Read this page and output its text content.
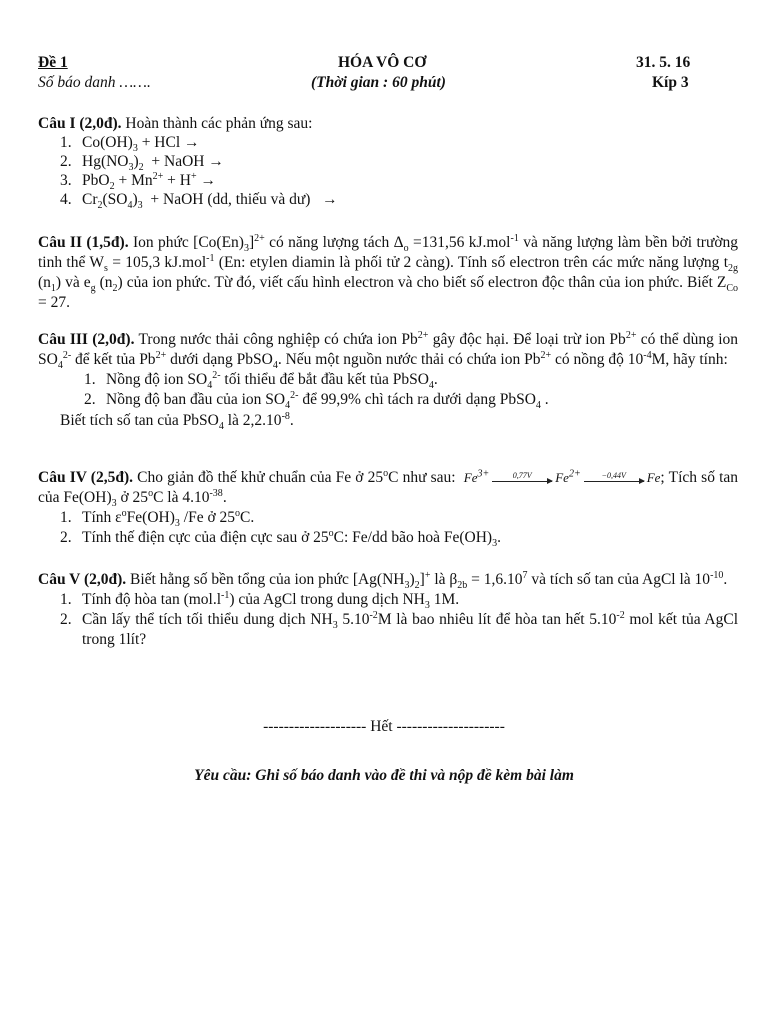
Đề 1
Số báo danh …….
HÓA VÔ CƠ
(Thời gian : 60 phút)
31. 5. 16
Kíp 3

Câu I (2,0đ). Hoàn thành các phản ứng sau:

1. $Co(OH)_3$ + HCl →
2. $Hg(NO_3)_2$  + NaOH →
3. $PbO_2 + Mn^{2+} + H^+$ →
4. $Cr_2(SO_4)_3$  + NaOH (dd, thiếu và dư)   →

Câu II (1,5đ). Ion phức $[Co(En)_3]^{2+}$ có năng lượng tách $\Delta_o =131,56$ kJ.mol$^{-1}$ và năng lượng làm bền bởi trường tinh thể $W_s = 105,3$ kJ.mol$^{-1}$ (En: etylen diamin là phối tử 2 càng). Tính số electron trên các mức năng lượng $t_{2g}$ $(n_1)$ và $e_g$ $(n_2)$ của ion phức. Từ đó, viết cấu hình electron và cho biết số electron độc thân của ion phức. Biết $Z_{Co} = 27$.

Câu III (2,0đ). Trong nước thải công nghiệp có chứa ion $Pb^{2+}$ gây độc hại. Để loại trừ ion $Pb^{2+}$ có thể dùng ion $SO_4^{2-}$ để kết tủa $Pb^{2+}$ dưới dạng PbSO$_4$. Nếu một nguồn nước thải có chứa ion $Pb^{2+}$ có nồng độ $10^{-4}M$, hãy tính:

1. Nồng độ ion $SO_4^{2-}$ tối thiểu để bắt đầu kết tủa PbSO$_4$.
2. Nồng độ ban đầu của ion $SO_4^{2-}$ để 99,9% chì tách ra dưới dạng PbSO$_4$ .

Biết tích số tan của PbSO$_4$ là $2,2.10^{-8}$.

Câu IV (2,5đ). Cho giản đồ thế khử chuẩn của Fe ở 25$^o$C như sau: $Fe^{3+}$	0,77V	$Fe^{2+}$	−0,44V	Fe ; Tích số tan của $Fe(OH)_3$ ở 25$^o$C là $4.10^{-38}$.

1. Tính $\varepsilon^oFe(OH)_3$ /Fe ở 25$^o$C.
2. Tính thế điện cực của điện cực sau ở 25$^o$C: Fe/dd bão hoà $Fe(OH)_3$.

Câu V (2,0đ). Biết hằng số bền tổng của ion phức $[Ag(NH_3)_2]^+$ là $\beta_{2b} = 1,6.10^7$ và tích số tan của AgCl là $10^{-10}$.

1. Tính độ hòa $\tan (mol.l^{-1})$ của AgCl trong dung dịch $NH_3$ 1M.
2. Cần lấy thể tích tối thiểu dung dịch $NH_3$ $5.10^{-2}M$ là bao nhiêu lít để hòa tan hết $5.10^{-2}$ mol kết tủa AgCl trong 1lít?
-------------------- Hết ---------------------
Yêu cầu: Ghi số báo danh vào đề thi và nộp đề kèm bài làm
